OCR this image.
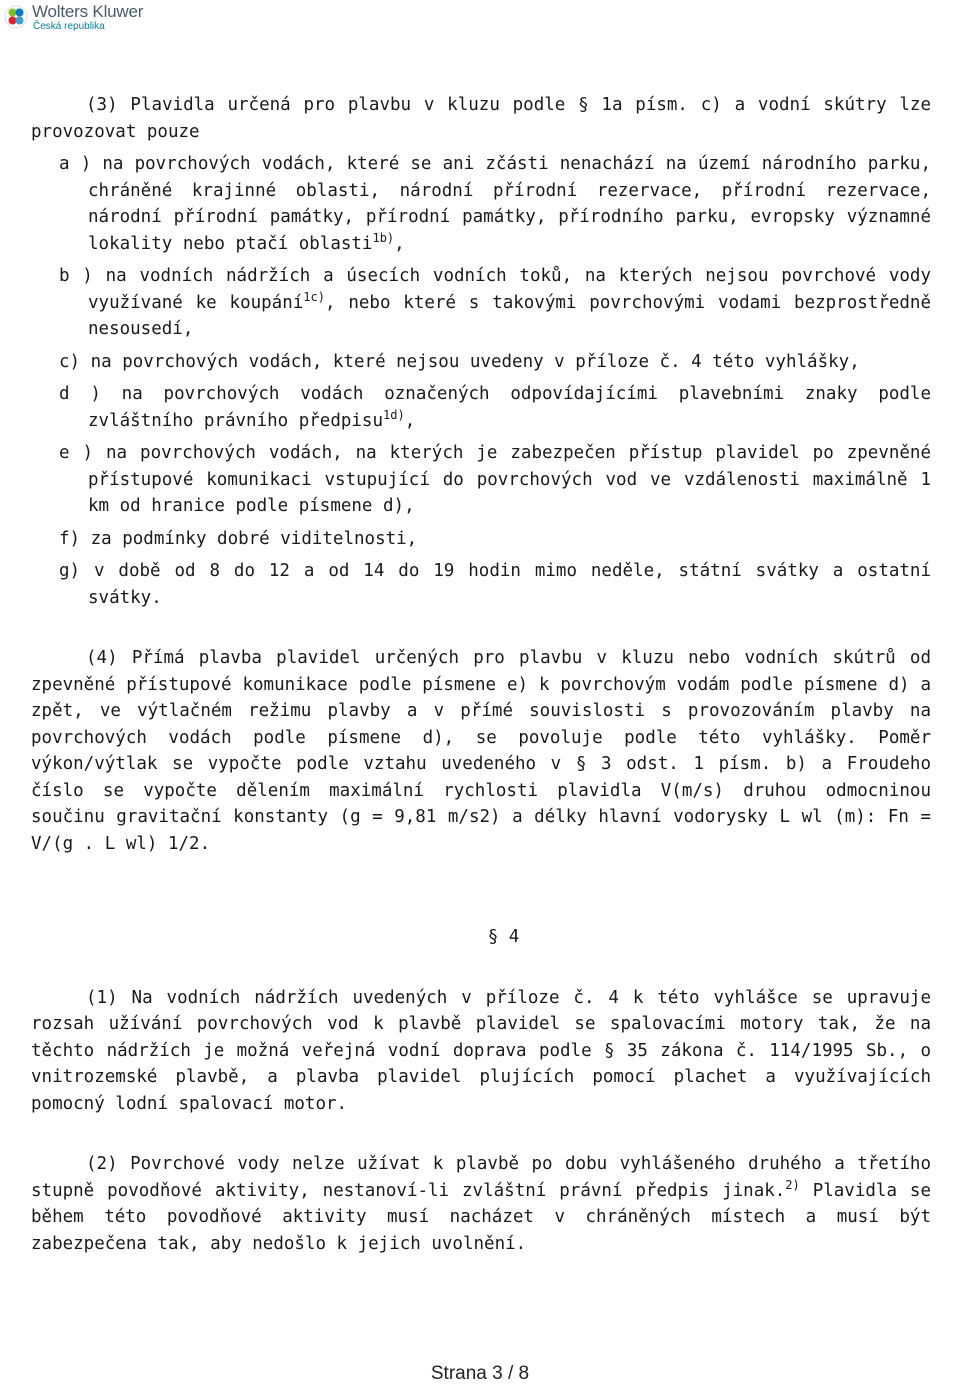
Wolters Kluwer
Česká republika

(3) Plavidla určená pro plavbu v kluzu podle § 1a písm. c) a vodní skútry lze provozovat pouze

a ) na povrchových vodách, které se ani zčásti nenachází na území národního parku, chráněné krajinné oblasti, národní přírodní rezervace, přírodní rezervace, národní přírodní památky, přírodní památky, přírodního parku, evropsky významné lokality nebo ptačí oblasti$^{1b)}$,

b ) na vodních nádržích a úsecích vodních toků, na kterých nejsou povrchové vody využívané ke koupání$^{1c)}$, nebo které s takovými povrchovými vodami bezprostředně nesousedí,

c) na povrchových vodách, které nejsou uvedeny v příloze č. 4 této vyhlášky,

d ) na povrchových vodách označených odpovídajícími plavebními znaky podle zvláštního právního předpisu$^{1d)}$,

e ) na povrchových vodách, na kterých je zabezpečen přístup plavidel po zpevněné přístupové komunikaci vstupující do povrchových vod ve vzdálenosti maximálně 1 km od hranice podle písmene d),

f) za podmínky dobré viditelnosti,

g) v době od 8 do 12 a od 14 do 19 hodin mimo neděle, státní svátky a ostatní svátky.

(4) Přímá plavba plavidel určených pro plavbu v kluzu nebo vodních skútrů od zpevněné přístupové komunikace podle písmene e) k povrchovým vodám podle písmene d) a zpět, ve výtlačném režimu plavby a v přímé souvislosti s provozováním plavby na povrchových vodách podle písmene d), se povoluje podle této vyhlášky. Poměr výkon/výtlak se vypočte podle vztahu uvedeného v § 3 odst. 1 písm. b) a Froudeho číslo se vypočte dělením maximální rychlosti plavidla V(m/s) druhou odmocninou součinu gravitační konstanty (g = 9,81 m/s2) a délky hlavní vodorysky L wl (m): Fn = V/(g . L wl) 1/2.

§ 4

(1) Na vodních nádržích uvedených v příloze č. 4 k této vyhlášce se upravuje rozsah užívání povrchových vod k plavbě plavidel se spalovacími motory tak, že na těchto nádržích je možná veřejná vodní doprava podle § 35 zákona č. 114/1995 Sb., o vnitrozemské plavbě, a plavba plavidel plujících pomocí plachet a využívajících pomocný lodní spalovací motor.

(2) Povrchové vody nelze užívat k plavbě po dobu vyhlášeného druhého a třetího stupně povodňové aktivity, nestanoví-li zvláštní právní předpis jinak.$^{2)}$ Plavidla se během této povodňové aktivity musí nacházet v chráněných místech a musí být zabezpečena tak, aby nedošlo k jejich uvolnění.

Strana 3 / 8
